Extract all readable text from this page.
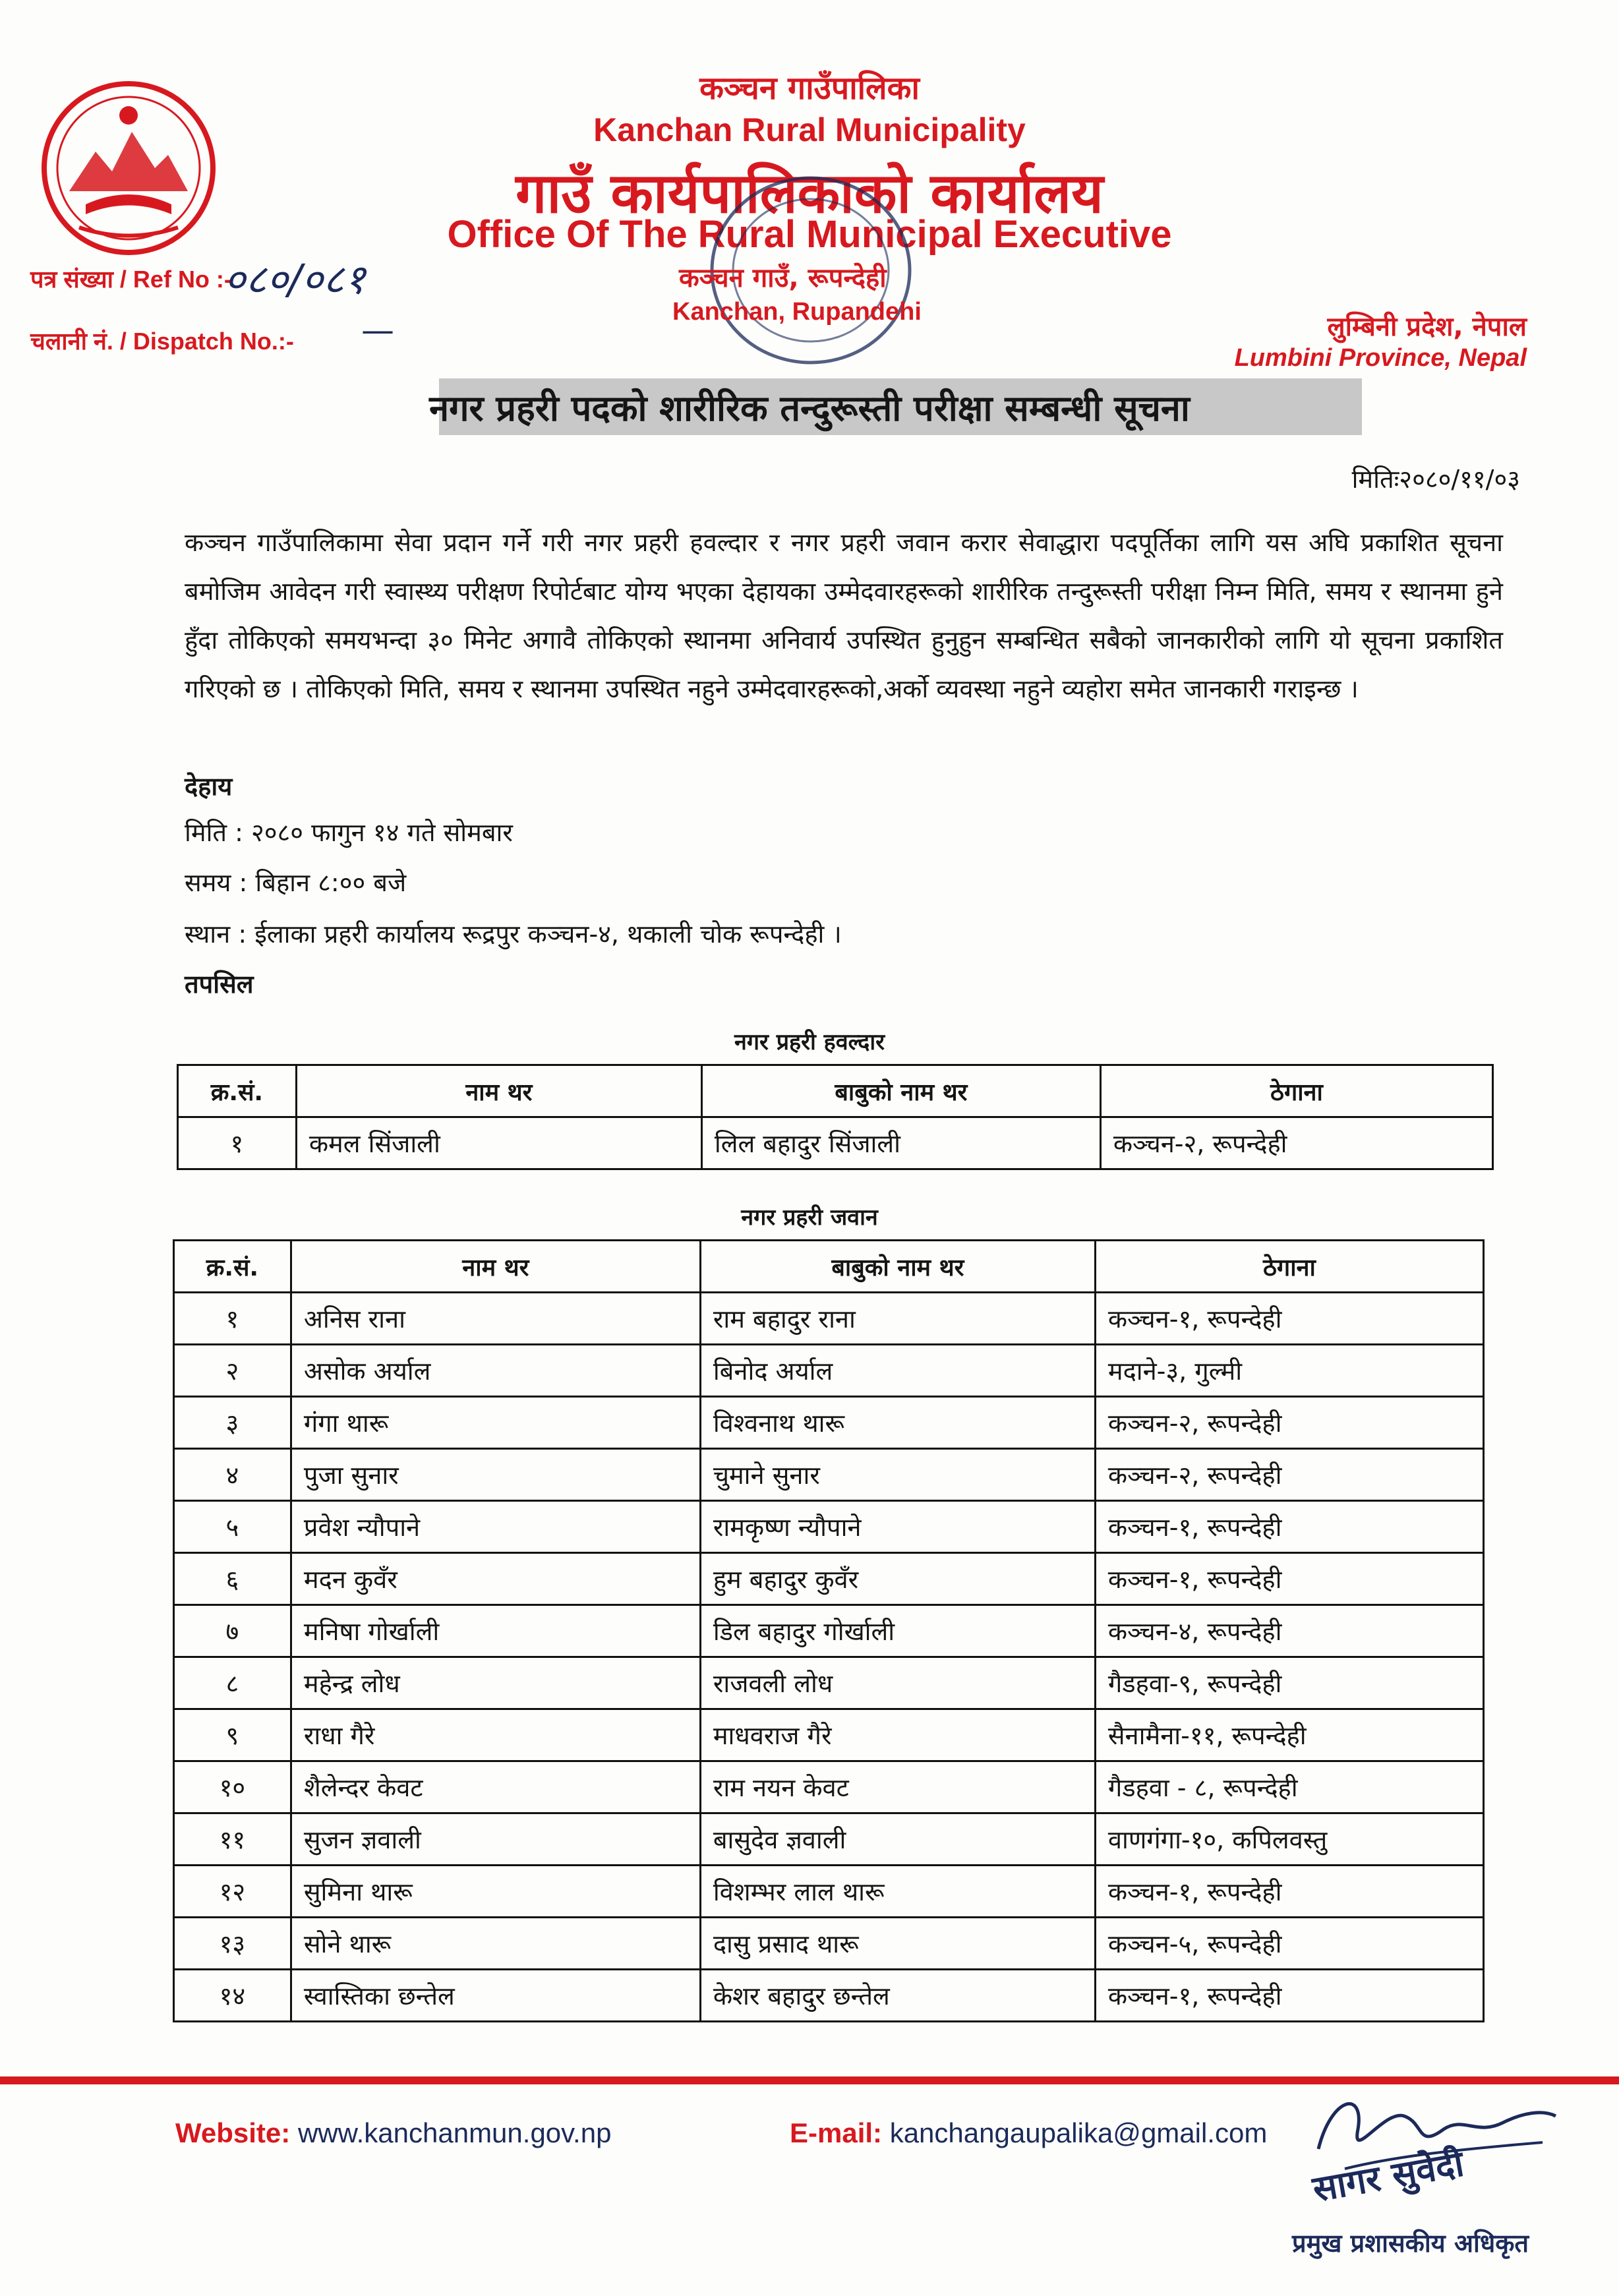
कञ्चन गाउँपालिका
Kanchan Rural Municipality
गाउँ कार्यपालिकाको कार्यालय
Office Of The Rural Municipal Executive
कञ्चन गाउँ, रूपन्देही
Kanchan, Rupandehi
पत्र संख्या / Ref No :-
०८०/०८१
चलानी नं. / Dispatch No.:- —	लुम्बिनी प्रदेश, नेपाल
Lumbini Province, Nepal
नगर प्रहरी पदको शारीरिक तन्दुरूस्ती परीक्षा सम्बन्धी सूचना
मितिः२०८०/११/०३
कञ्चन गाउँपालिकामा सेवा प्रदान गर्ने गरी नगर प्रहरी हवल्दार र नगर प्रहरी जवान करार सेवाद्धारा पदपूर्तिका लागि यस अघि प्रकाशित सूचना बमोजिम आवेदन गरी स्वास्थ्य परीक्षण रिपोर्टबाट योग्य भएका देहायका उम्मेदवारहरूको शारीरिक तन्दुरूस्ती परीक्षा निम्न मिति, समय र स्थानमा हुने हुँदा तोकिएको समयभन्दा ३० मिनेट अगावै तोकिएको स्थानमा अनिवार्य उपस्थित हुनुहुन सम्बन्धित सबैको जानकारीको लागि यो सूचना प्रकाशित गरिएको छ । तोकिएको मिति, समय र स्थानमा उपस्थित नहुने उम्मेदवारहरूको,अर्को व्यवस्था नहुने व्यहोरा समेत जानकारी गराइन्छ ।
देहाय
मिति : २०८० फागुन १४ गते सोमबार
समय : बिहान ८:०० बजे
स्थान : ईलाका प्रहरी कार्यालय रूद्रपुर कञ्चन-४, थकाली चोक रूपन्देही ।
तपसिल
नगर प्रहरी हवल्दार
क्र.सं.	नाम थर	बाबुको नाम थर	ठेगाना
१	कमल सिंजाली	लिल बहादुर सिंजाली	कञ्चन-२, रूपन्देही
नगर प्रहरी जवान
क्र.सं.	नाम थर	बाबुको नाम थर	ठेगाना
१	अनिस राना	राम बहादुर राना	कञ्चन-१, रूपन्देही
२	असोक अर्याल	बिनोद अर्याल	मदाने-३, गुल्मी
३	गंगा थारू	विश्वनाथ थारू	कञ्चन-२, रूपन्देही
४	पुजा सुनार	चुमाने सुनार	कञ्चन-२, रूपन्देही
५	प्रवेश न्यौपाने	रामकृष्ण न्यौपाने	कञ्चन-१, रूपन्देही
६	मदन कुवँर	हुम बहादुर कुवँर	कञ्चन-१, रूपन्देही
७	मनिषा गोर्खाली	डिल बहादुर गोर्खाली	कञ्चन-४, रूपन्देही
८	महेन्द्र लोध	राजवली लोध	गैडहवा-९, रूपन्देही
९	राधा गैरे	माधवराज गैरे	सैनामैना-११, रूपन्देही
१०	शैलेन्दर केवट	राम नयन केवट	गैडहवा - ८, रूपन्देही
११	सुजन ज्ञवाली	बासुदेव ज्ञवाली	वाणगंगा-१०, कपिलवस्तु
१२	सुमिना थारू	विशम्भर लाल थारू	कञ्चन-१, रूपन्देही
१३	सोने थारू	दासु प्रसाद थारू	कञ्चन-५, रूपन्देही
१४	स्वास्तिका छन्तेल	केशर बहादुर छन्तेल	कञ्चन-१, रूपन्देही
Website: www.kanchanmun.gov.np	E-mail: kanchangaupalika@gmail.com
सागर सुवेदी
प्रमुख प्रशासकीय अधिकृत
